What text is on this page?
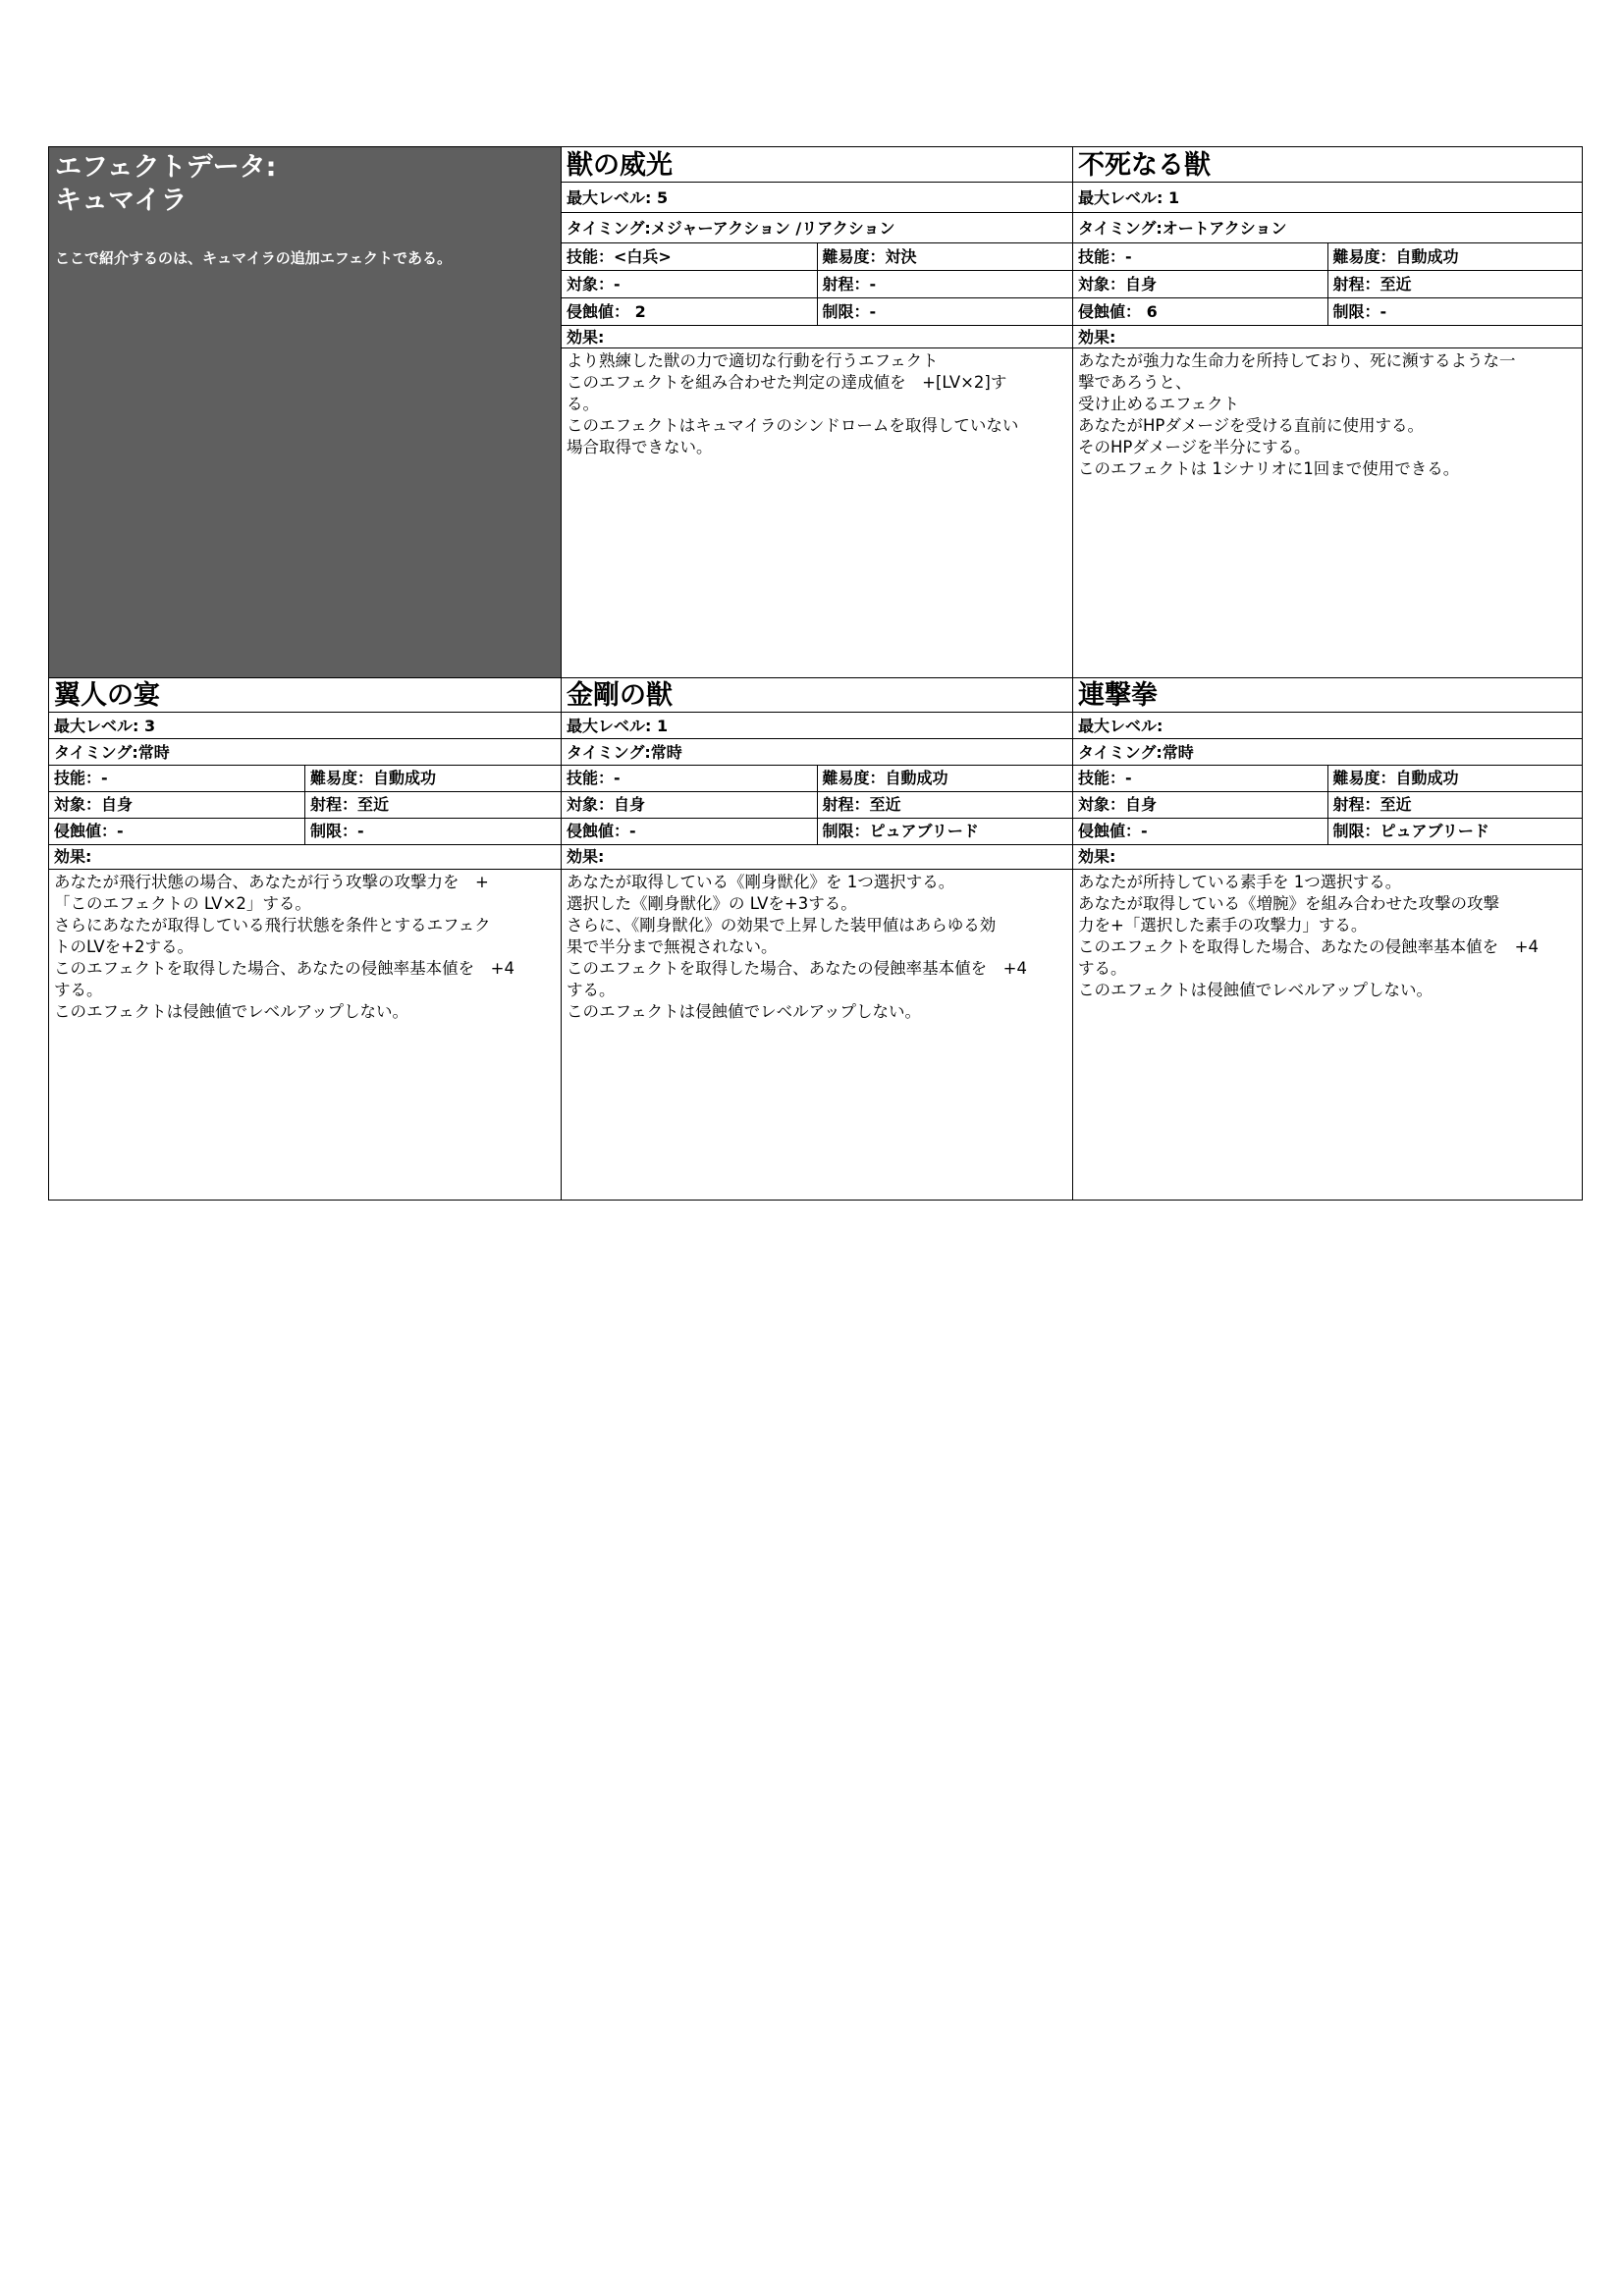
エフェクトデータ:
キュマイラ
ここで紹介するのは、キュマイラの追加エフェクトである。
獣の威光
最大レベル: 5
タイミング:メジャーアクション /リアクション
技能：<白兵>	難易度：対決
対象：-	射程：-
侵蝕値： 2	制限：-
効果:

より熟練した獣の力で適切な行動を行うエフェクト

このエフェクトを組み合わせた判定の達成値を　+[LV×2]す

る。

このエフェクトはキュマイラのシンドロームを取得していない

場合取得できない。

不死なる獣
最大レベル: 1
タイミング:オートアクション
技能：-	難易度：自動成功
対象：自身	射程：至近
侵蝕値： 6	制限：-
効果:

あなたが強力な生命力を所持しており、死に瀕するような一

撃であろうと、

受け止めるエフェクト

あなたがHPダメージを受ける直前に使用する。

そのHPダメージを半分にする。

このエフェクトは 1シナリオに1回まで使用できる。

翼人の宴
最大レベル: 3
タイミング:常時
技能：-	難易度：自動成功
対象：自身	射程：至近
侵蝕値：-	制限：-
効果:

あなたが飛行状態の場合、あなたが行う攻撃の攻撃力を　+

「このエフェクトの LV×2」する。

さらにあなたが取得している飛行状態を条件とするエフェク

トのLVを+2する。

このエフェクトを取得した場合、あなたの侵蝕率基本値を　+4

する。

このエフェクトは侵蝕値でレベルアップしない。

金剛の獣
最大レベル: 1
タイミング:常時
技能：-	難易度：自動成功
対象：自身	射程：至近
侵蝕値：-	制限：ピュアブリード
効果:

あなたが取得している《剛身獣化》を 1つ選択する。

選択した《剛身獣化》の LVを+3する。

さらに、《剛身獣化》の効果で上昇した装甲値はあらゆる効

果で半分まで無視されない。

このエフェクトを取得した場合、あなたの侵蝕率基本値を　+4

する。

このエフェクトは侵蝕値でレベルアップしない。

連撃拳
最大レベル:
タイミング:常時
技能：-	難易度：自動成功
対象：自身	射程：至近
侵蝕値：-	制限：ピュアブリード
効果:

あなたが所持している素手を 1つ選択する。

あなたが取得している《増腕》を組み合わせた攻撃の攻撃

力を+「選択した素手の攻撃力」する。

このエフェクトを取得した場合、あなたの侵蝕率基本値を　+4

する。

このエフェクトは侵蝕値でレベルアップしない。
